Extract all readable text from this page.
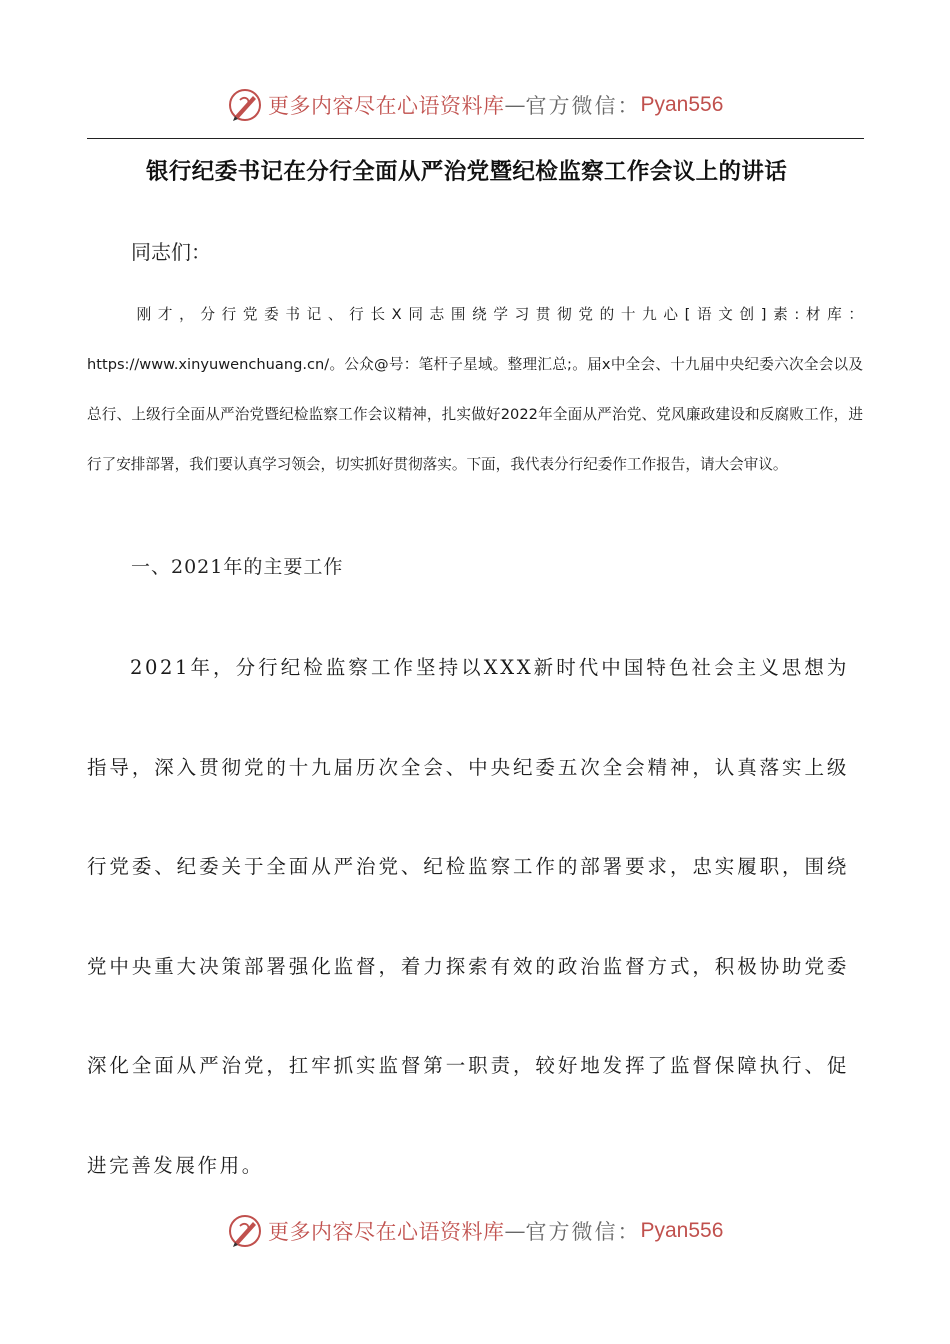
更多内容尽在心语资料库 — 官方微信： Pyan556
银行纪委书记在分行全面从严治党暨纪检监察工作会议上的讲话
同志们：
刚才，分行党委书记、行长X同志围绕学习贯彻党的十九心[语文创]素:材库：https://www.xinyuwenchuang.cn/。公众@号：笔杆子星域。整理汇总;。届x中全会、十九届中央纪委六次全会以及总行、上级行全面从严治党暨纪检监察工作会议精神，扎实做好2022年全面从严治党、党风廉政建设和反腐败工作，进行了安排部署，我们要认真学习领会，切实抓好贯彻落实。下面，我代表分行纪委作工作报告，请大会审议。
一、2021年的主要工作
2021年，分行纪检监察工作坚持以XXX新时代中国特色社会主义思想为指导，深入贯彻党的十九届历次全会、中央纪委五次全会精神，认真落实上级行党委、纪委关于全面从严治党、纪检监察工作的部署要求，忠实履职，围绕党中央重大决策部署强化监督，着力探索有效的政治监督方式，积极协助党委深化全面从严治党，扛牢抓实监督第一职责，较好地发挥了监督保障执行、促进完善发展作用。
更多内容尽在心语资料库 — 官方微信： Pyan556
